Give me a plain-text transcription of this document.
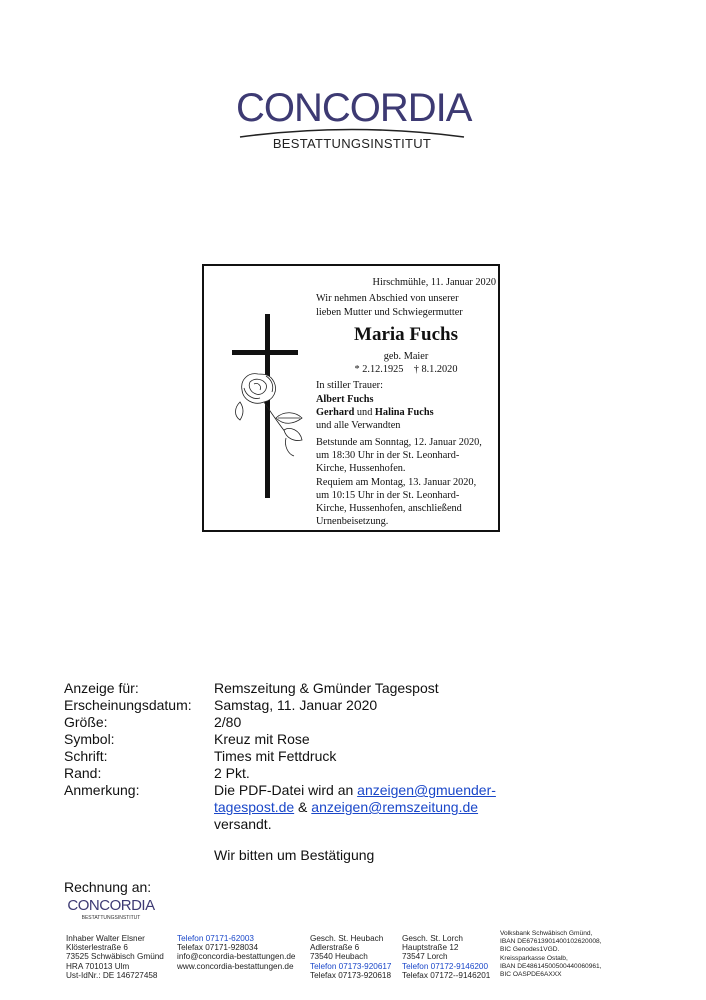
CONCORDIA
BESTATTUNGSINSTITUT
Hirschmühle, 11. Januar 2020
Wir nehmen Abschied von unserer
lieben Mutter und Schwiegermutter
Maria Fuchs
geb. Maier
* 2.12.1925 † 8.1.2020
In stiller Trauer:
Albert Fuchs
Gerhard und Halina Fuchs
und alle Verwandten
Betstunde am Sonntag, 12. Januar 2020,
um 18:30 Uhr in der St. Leonhard-
Kirche, Hussenhofen.
Requiem am Montag, 13. Januar 2020,
um 10:15 Uhr in der St. Leonhard-
Kirche, Hussenhofen, anschließend
Urnenbeisetzung.
Anzeige für:	Remszeitung & Gmünder Tagespost
Erscheinungsdatum: Samstag, 11. Januar 2020
Größe:	2/80
Symbol:	Kreuz mit Rose
Schrift:	Times mit Fettdruck
Rand:	2 Pkt.
Anmerkung:	Die PDF-Datei wird an anzeigen@gmuender-
tagespost.de & anzeigen@remszeitung.de
versandt.
Wir bitten um Bestätigung
Rechnung an:
CONCORDIA
BESTATTUNGSINSTITUT
Inhaber Walter Elsner
Klösterlestraße 6
73525 Schwäbisch Gmünd
HRA 701013 Ulm
Ust-IdNr.: DE 146727458
Telefon 07171-62003
Telefax 07171-928034
info@concordia-bestattungen.de
www.concordia-bestattungen.de
Gesch. St. Heubach
Adlerstraße 6
73540 Heubach
Telefon 07173-920617
Telefax 07173-920618
Gesch. St. Lorch
Hauptstraße 12
73547 Lorch
Telefon 07172-9146200
Telefax 07172--9146201
Volksbank Schwäbisch Gmünd,
IBAN DE67613901400102620008,
BIC Genodes1VGD.
Kreissparkasse Ostalb,
IBAN DE48614500500440060961,
BIC OASPDE6AXXX
